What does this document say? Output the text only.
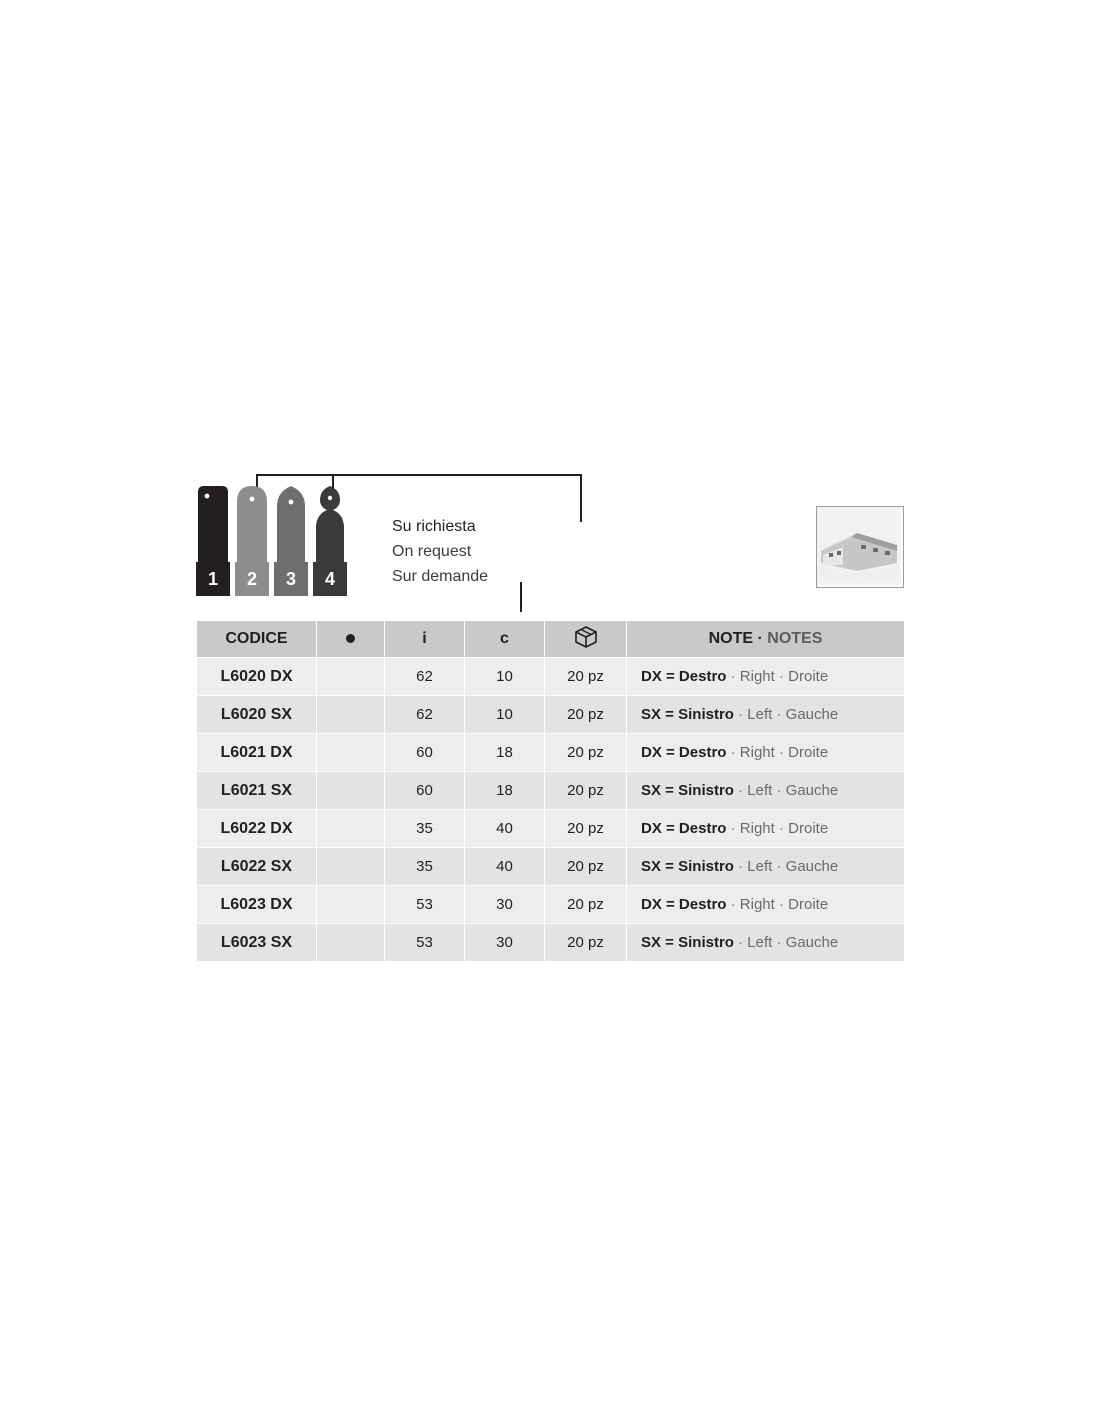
1	2	3	4
Su richiesta
On request
Sur demande
CODICE		i	c		NOTE · NOTES
L6020 DX		62	10	20 pz	DX = Destro · Right · Droite
L6020 SX		62	10	20 pz	SX = Sinistro · Left · Gauche
L6021 DX		60	18	20 pz	DX = Destro · Right · Droite
L6021 SX		60	18	20 pz	SX = Sinistro · Left · Gauche
L6022 DX		35	40	20 pz	DX = Destro · Right · Droite
L6022 SX		35	40	20 pz	SX = Sinistro · Left · Gauche
L6023 DX		53	30	20 pz	DX = Destro · Right · Droite
L6023 SX		53	30	20 pz	SX = Sinistro · Left · Gauche
